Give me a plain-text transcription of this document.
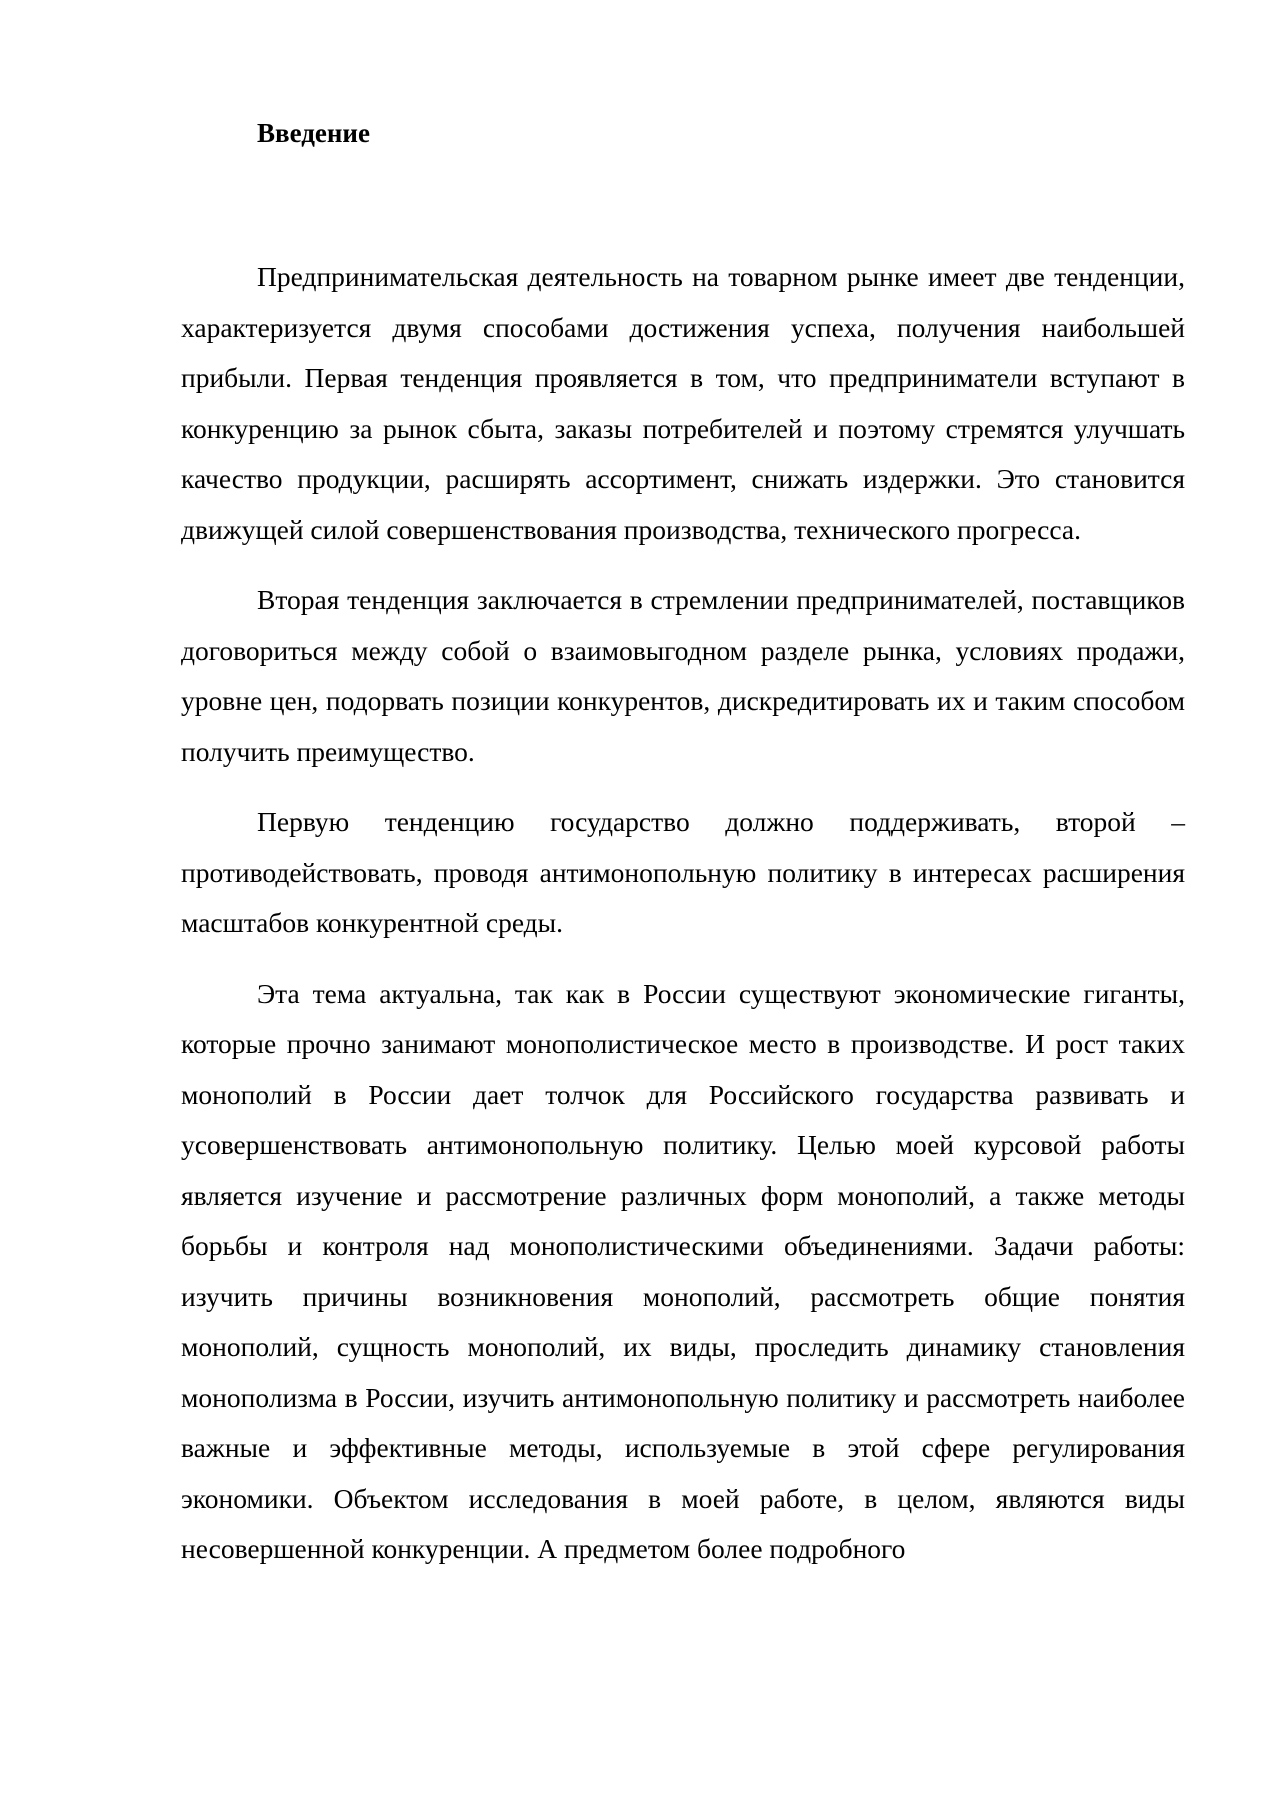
Введение

Предпринимательская деятельность на товарном рынке имеет две тенденции, характеризуется двумя способами достижения успеха, получения наибольшей прибыли. Первая тенденция проявляется в том, что предприниматели вступают в конкуренцию за рынок сбыта, заказы потребителей и поэтому стремятся улучшать качество продукции, расширять ассортимент, снижать издержки. Это становится движущей силой совершенствования производства, технического прогресса.

Вторая тенденция заключается в стремлении предпринимателей, поставщиков договориться между собой о взаимовыгодном разделе рынка, условиях продажи, уровне цен, подорвать позиции конкурентов, дискредитировать их и таким способом получить преимущество.

Первую тенденцию государство должно поддерживать, второй – противодействовать, проводя антимонопольную политику в интересах расширения масштабов конкурентной среды.

Эта тема актуальна, так как в России существуют экономические гиганты, которые прочно занимают монополистическое место в производстве. И рост таких монополий в России дает толчок для Российского государства развивать и усовершенствовать антимонопольную политику. Целью моей курсовой работы является изучение и рассмотрение различных форм монополий, а также методы борьбы и контроля над монополистическими объединениями. Задачи работы: изучить причины возникновения монополий, рассмотреть общие понятия монополий, сущность монополий, их виды, проследить динамику становления монополизма в России, изучить антимонопольную политику и рассмотреть наиболее важные и эффективные методы, используемые в этой сфере регулирования экономики. Объектом исследования в моей работе, в целом, являются виды несовершенной конкуренции. А предметом более подробного
